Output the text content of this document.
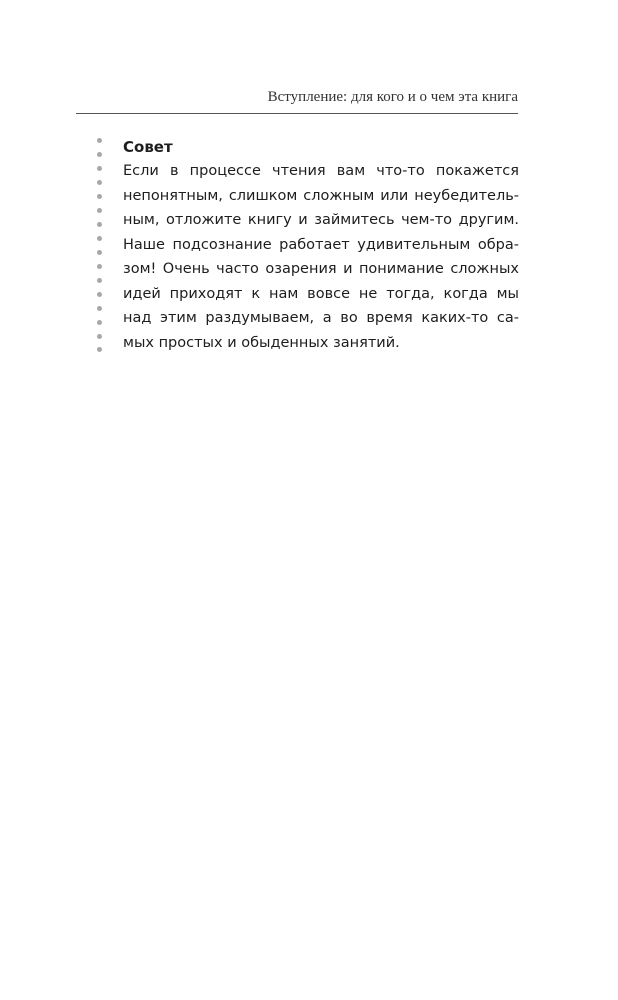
Вступление: для кого и о чем эта книга
Совет
Если в процессе чтения вам что-то покажется
непонятным, слишком сложным или неубедитель-
ным, отложите книгу и займитесь чем-то другим.
Наше подсознание работает удивительным обра-
зом! Очень часто озарения и понимание сложных
идей приходят к нам вовсе не тогда, когда мы
над этим раздумываем, а во время каких-то са-
мых простых и обыденных занятий.
